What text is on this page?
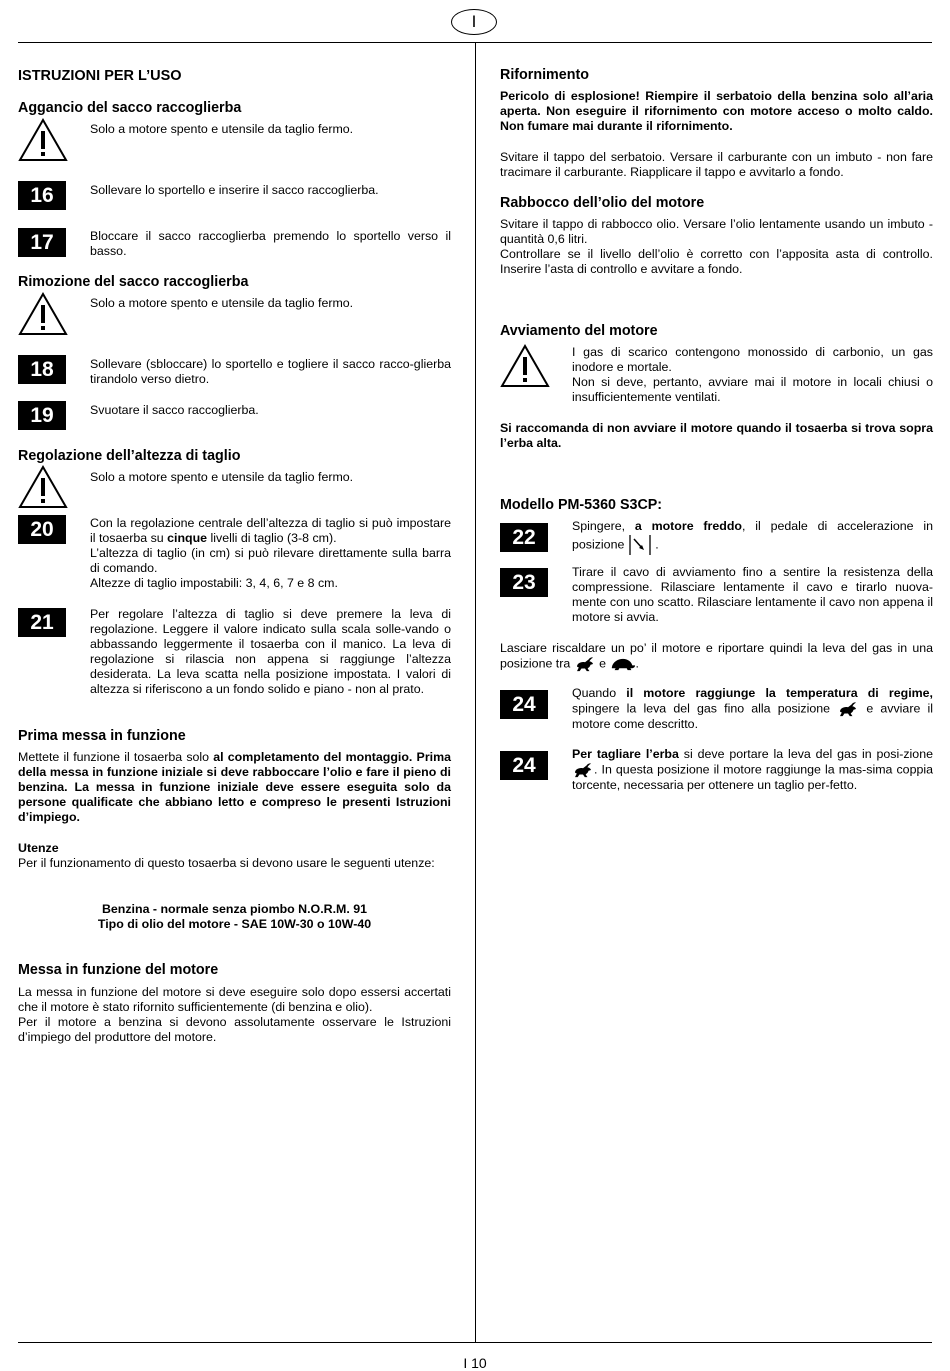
I
I 10
ISTRUZIONI PER L’USO
Aggancio del sacco raccoglierba

Solo a motore spento e utensile da taglio fermo.

16	Sollevare lo sportello e inserire il sacco raccoglierba.

17	Bloccare il sacco raccoglierba premendo lo sportello verso il basso.

Rimozione del sacco raccoglierba

Solo a motore spento e utensile da taglio fermo.

18	Sollevare (sbloccare) lo sportello e togliere il sacco racco-glierba tirandolo verso dietro.

19	Svuotare il sacco raccoglierba.

Regolazione dell’altezza di taglio

Solo a motore spento e utensile da taglio fermo.

20	Con la regolazione centrale dell’altezza di taglio si può impostare il tosaerba su cinque livelli di taglio (3-8 cm).
L’altezza di taglio (in cm) si può rilevare direttamente sulla barra di comando.
Altezze di taglio impostabili: 3, 4, 6, 7 e 8 cm.
21	Per regolare l’altezza di taglio si deve premere la leva di regolazione. Leggere il valore indicato sulla scala solle-vando o abbassando leggermente il tosaerba con il manico. La leva di regolazione si rilascia non appena si raggiunge l’altezza desiderata. La leva scatta nella posizione impostata. I valori di altezza si riferiscono a un fondo solido e piano - non al prato.

Prima messa in funzione
Mettete il funzione il tosaerba solo al completamento del montaggio. Prima della messa in funzione iniziale si deve rabboccare l’olio e fare il pieno di benzina. La messa in funzione iniziale deve essere eseguita solo da persone qualificate che abbiano letto e compreso le presenti Istruzioni d’impiego.
Utenze

Per il funzionamento di questo tosaerba si devono usare le seguenti utenze:

Benzina - normale senza piombo N.O.R.M. 91
Tipo di olio del motore - SAE 10W-30 o 10W-40
Messa in funzione del motore
La messa in funzione del motore si deve eseguire solo dopo essersi accertati che il motore è stato rifornito sufficientemente (di benzina e olio).
Per il motore a benzina si devono assolutamente osservare le Istruzioni d’impiego del produttore del motore.
Rifornimento

Pericolo di esplosione! Riempire il serbatoio della benzina solo all’aria aperta. Non eseguire il rifornimento con motore acceso o molto caldo. Non fumare mai durante il rifornimento.

Svitare il tappo del serbatoio. Versare il carburante con un imbuto - non fare tracimare il carburante. Riapplicare il tappo e avvitarlo a fondo.

Rabbocco dell’olio del motore
Svitare il tappo di rabbocco olio. Versare l’olio lentamente usando un imbuto - quantità 0,6 litri.
Controllare se il livello dell’olio è corretto con l’apposita asta di controllo. Inserire l’asta di controllo e avvitare a fondo.
Avviamento del motore
I gas di scarico contengono monossido di carbonio, un gas inodore e mortale.
Non si deve, pertanto, avviare mai il motore in locali chiusi o insufficientemente ventilati.

Si raccomanda di non avviare il motore quando il tosaerba si trova sopra l’erba alta.

Modello PM-5360 S3CP:
22	Spingere, a motore freddo, il pedale di accelerazione in posizione .
23	Tirare il cavo di avviamento fino a sentire la resistenza della compressione. Rilasciare lentamente il cavo e tirarlo nuova-mente con uno scatto. Rilasciare lentamente il cavo non appena il motore si avvia.

Lasciare riscaldare un po’ il motore e riportare quindi la leva del gas in una posizione tra e .
24	Quando il motore raggiunge la temperatura di regime, spingere la leva del gas fino alla posizione  e avviare il motore come descritto.
24	Per tagliare l’erba si deve portare la leva del gas in posi-zione . In questa posizione il motore raggiunge la mas-sima coppia torcente, necessaria per ottenere un taglio per-fetto.
